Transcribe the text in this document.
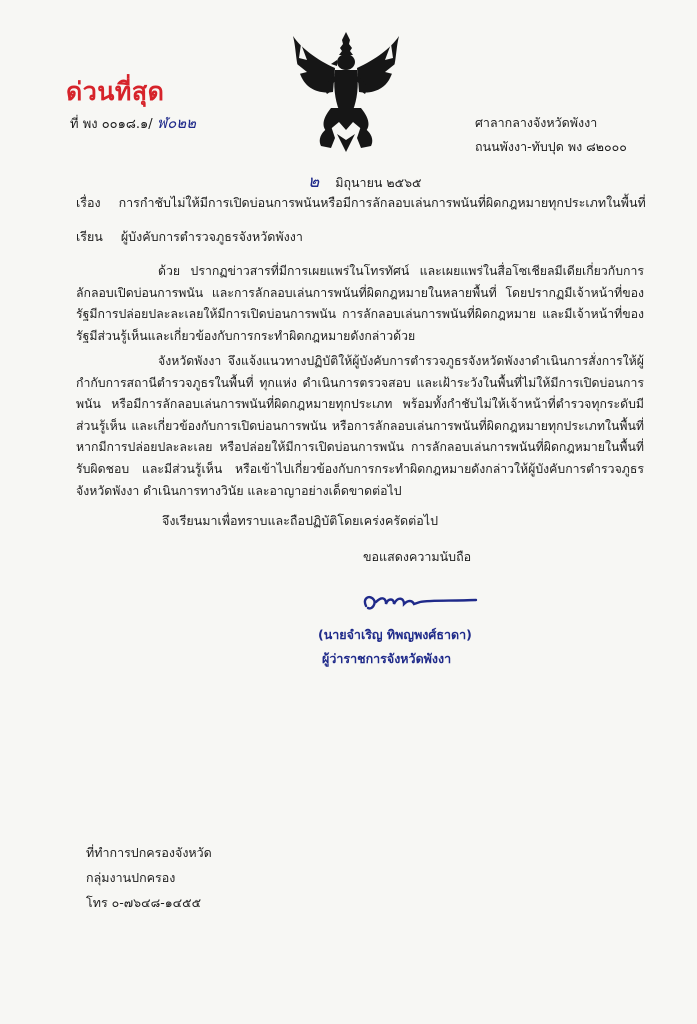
ด่วนที่สุด
ที่ พง ๐๐๑๘.๑/ ฬ๐๒๒	ศาลากลางจังหวัดพังงา
ถนนพังงา-ทับปุด พง ๘๒๐๐๐
๒ มิถุนายน ๒๕๖๕
เรื่อง การกำชับไม่ให้มีการเปิดบ่อนการพนันหรือมีการลักลอบเล่นการพนันที่ผิดกฎหมายทุกประเภทในพื้นที่
เรียน ผู้บังคับการตำรวจภูธรจังหวัดพังงา
ด้วย ปรากฏข่าวสารที่มีการเผยแพร่ในโทรทัศน์ และเผยแพร่ในสื่อโซเชียลมีเดียเกี่ยวกับการลักลอบเปิดบ่อนการพนัน และการลักลอบเล่นการพนันที่ผิดกฎหมายในหลายพื้นที่ โดยปรากฏมีเจ้าหน้าที่ของรัฐมีการปล่อยปละละเลยให้มีการเปิดบ่อนการพนัน การลักลอบเล่นการพนันที่ผิดกฎหมาย และมีเจ้าหน้าที่ของรัฐมีส่วนรู้เห็นและเกี่ยวข้องกับการกระทำผิดกฎหมายดังกล่าวด้วย
จังหวัดพังงา จึงแจ้งแนวทางปฏิบัติให้ผู้บังคับการตำรวจภูธรจังหวัดพังงาดำเนินการสั่งการให้ผู้กำกับการสถานีตำรวจภูธรในพื้นที่ ทุกแห่ง ดำเนินการตรวจสอบ และเฝ้าระวังในพื้นที่ไม่ให้มีการเปิดบ่อนการพนัน หรือมีการลักลอบเล่นการพนันที่ผิดกฎหมายทุกประเภท พร้อมทั้งกำชับไม่ให้เจ้าหน้าที่ตำรวจทุกระดับมีส่วนรู้เห็น และเกี่ยวข้องกับการเปิดบ่อนการพนัน หรือการลักลอบเล่นการพนันที่ผิดกฎหมายทุกประเภทในพื้นที่ หากมีการปล่อยปละละเลย หรือปล่อยให้มีการเปิดบ่อนการพนัน การลักลอบเล่นการพนันที่ผิดกฎหมายในพื้นที่รับผิดชอบ และมีส่วนรู้เห็น หรือเข้าไปเกี่ยวข้องกับการกระทำผิดกฎหมายดังกล่าวให้ผู้บังคับการตำรวจภูธรจังหวัดพังงา ดำเนินการทางวินัย และอาญาอย่างเด็ดขาดต่อไป
จึงเรียนมาเพื่อทราบและถือปฏิบัติโดยเคร่งครัดต่อไป
ขอแสดงความนับถือ
(นายจำเริญ ทิพญพงศ์ธาดา)
ผู้ว่าราชการจังหวัดพังงา
ที่ทำการปกครองจังหวัด
กลุ่มงานปกครอง
โทร ๐-๗๖๔๘-๑๔๕๕
